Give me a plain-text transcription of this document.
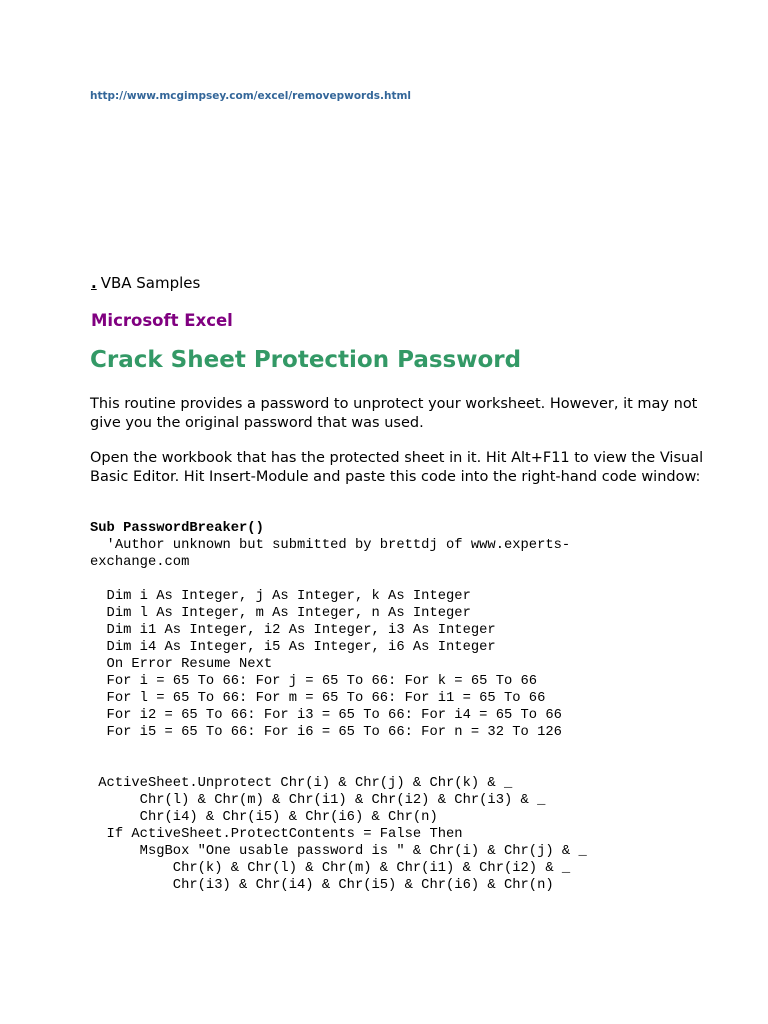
http://www.mcgimpsey.com/excel/removepwords.html
. VBA Samples
Microsoft Excel
Crack Sheet Protection Password

This routine provides a password to unprotect your worksheet. However, it may not give you the original password that was used.

Open the workbook that has the protected sheet in it. Hit Alt+F11 to view the Visual Basic Editor. Hit Insert-Module and paste this code into the right-hand code window:

Sub PasswordBreaker()
'Author unknown but submitted by brettdj of www.experts-
exchange.com
Dim i As Integer, j As Integer, k As Integer
Dim l As Integer, m As Integer, n As Integer
Dim i1 As Integer, i2 As Integer, i3 As Integer
Dim i4 As Integer, i5 As Integer, i6 As Integer
On Error Resume Next
For i = 65 To 66: For j = 65 To 66: For k = 65 To 66
For l = 65 To 66: For m = 65 To 66: For i1 = 65 To 66
For i2 = 65 To 66: For i3 = 65 To 66: For i4 = 65 To 66
For i5 = 65 To 66: For i6 = 65 To 66: For n = 32 To 126
ActiveSheet.Unprotect Chr(i) & Chr(j) & Chr(k) & _
Chr(l) & Chr(m) & Chr(i1) & Chr(i2) & Chr(i3) & _
Chr(i4) & Chr(i5) & Chr(i6) & Chr(n)
If ActiveSheet.ProtectContents = False Then
MsgBox "One usable password is " & Chr(i) & Chr(j) & _
Chr(k) & Chr(l) & Chr(m) & Chr(i1) & Chr(i2) & _
Chr(i3) & Chr(i4) & Chr(i5) & Chr(i6) & Chr(n)
